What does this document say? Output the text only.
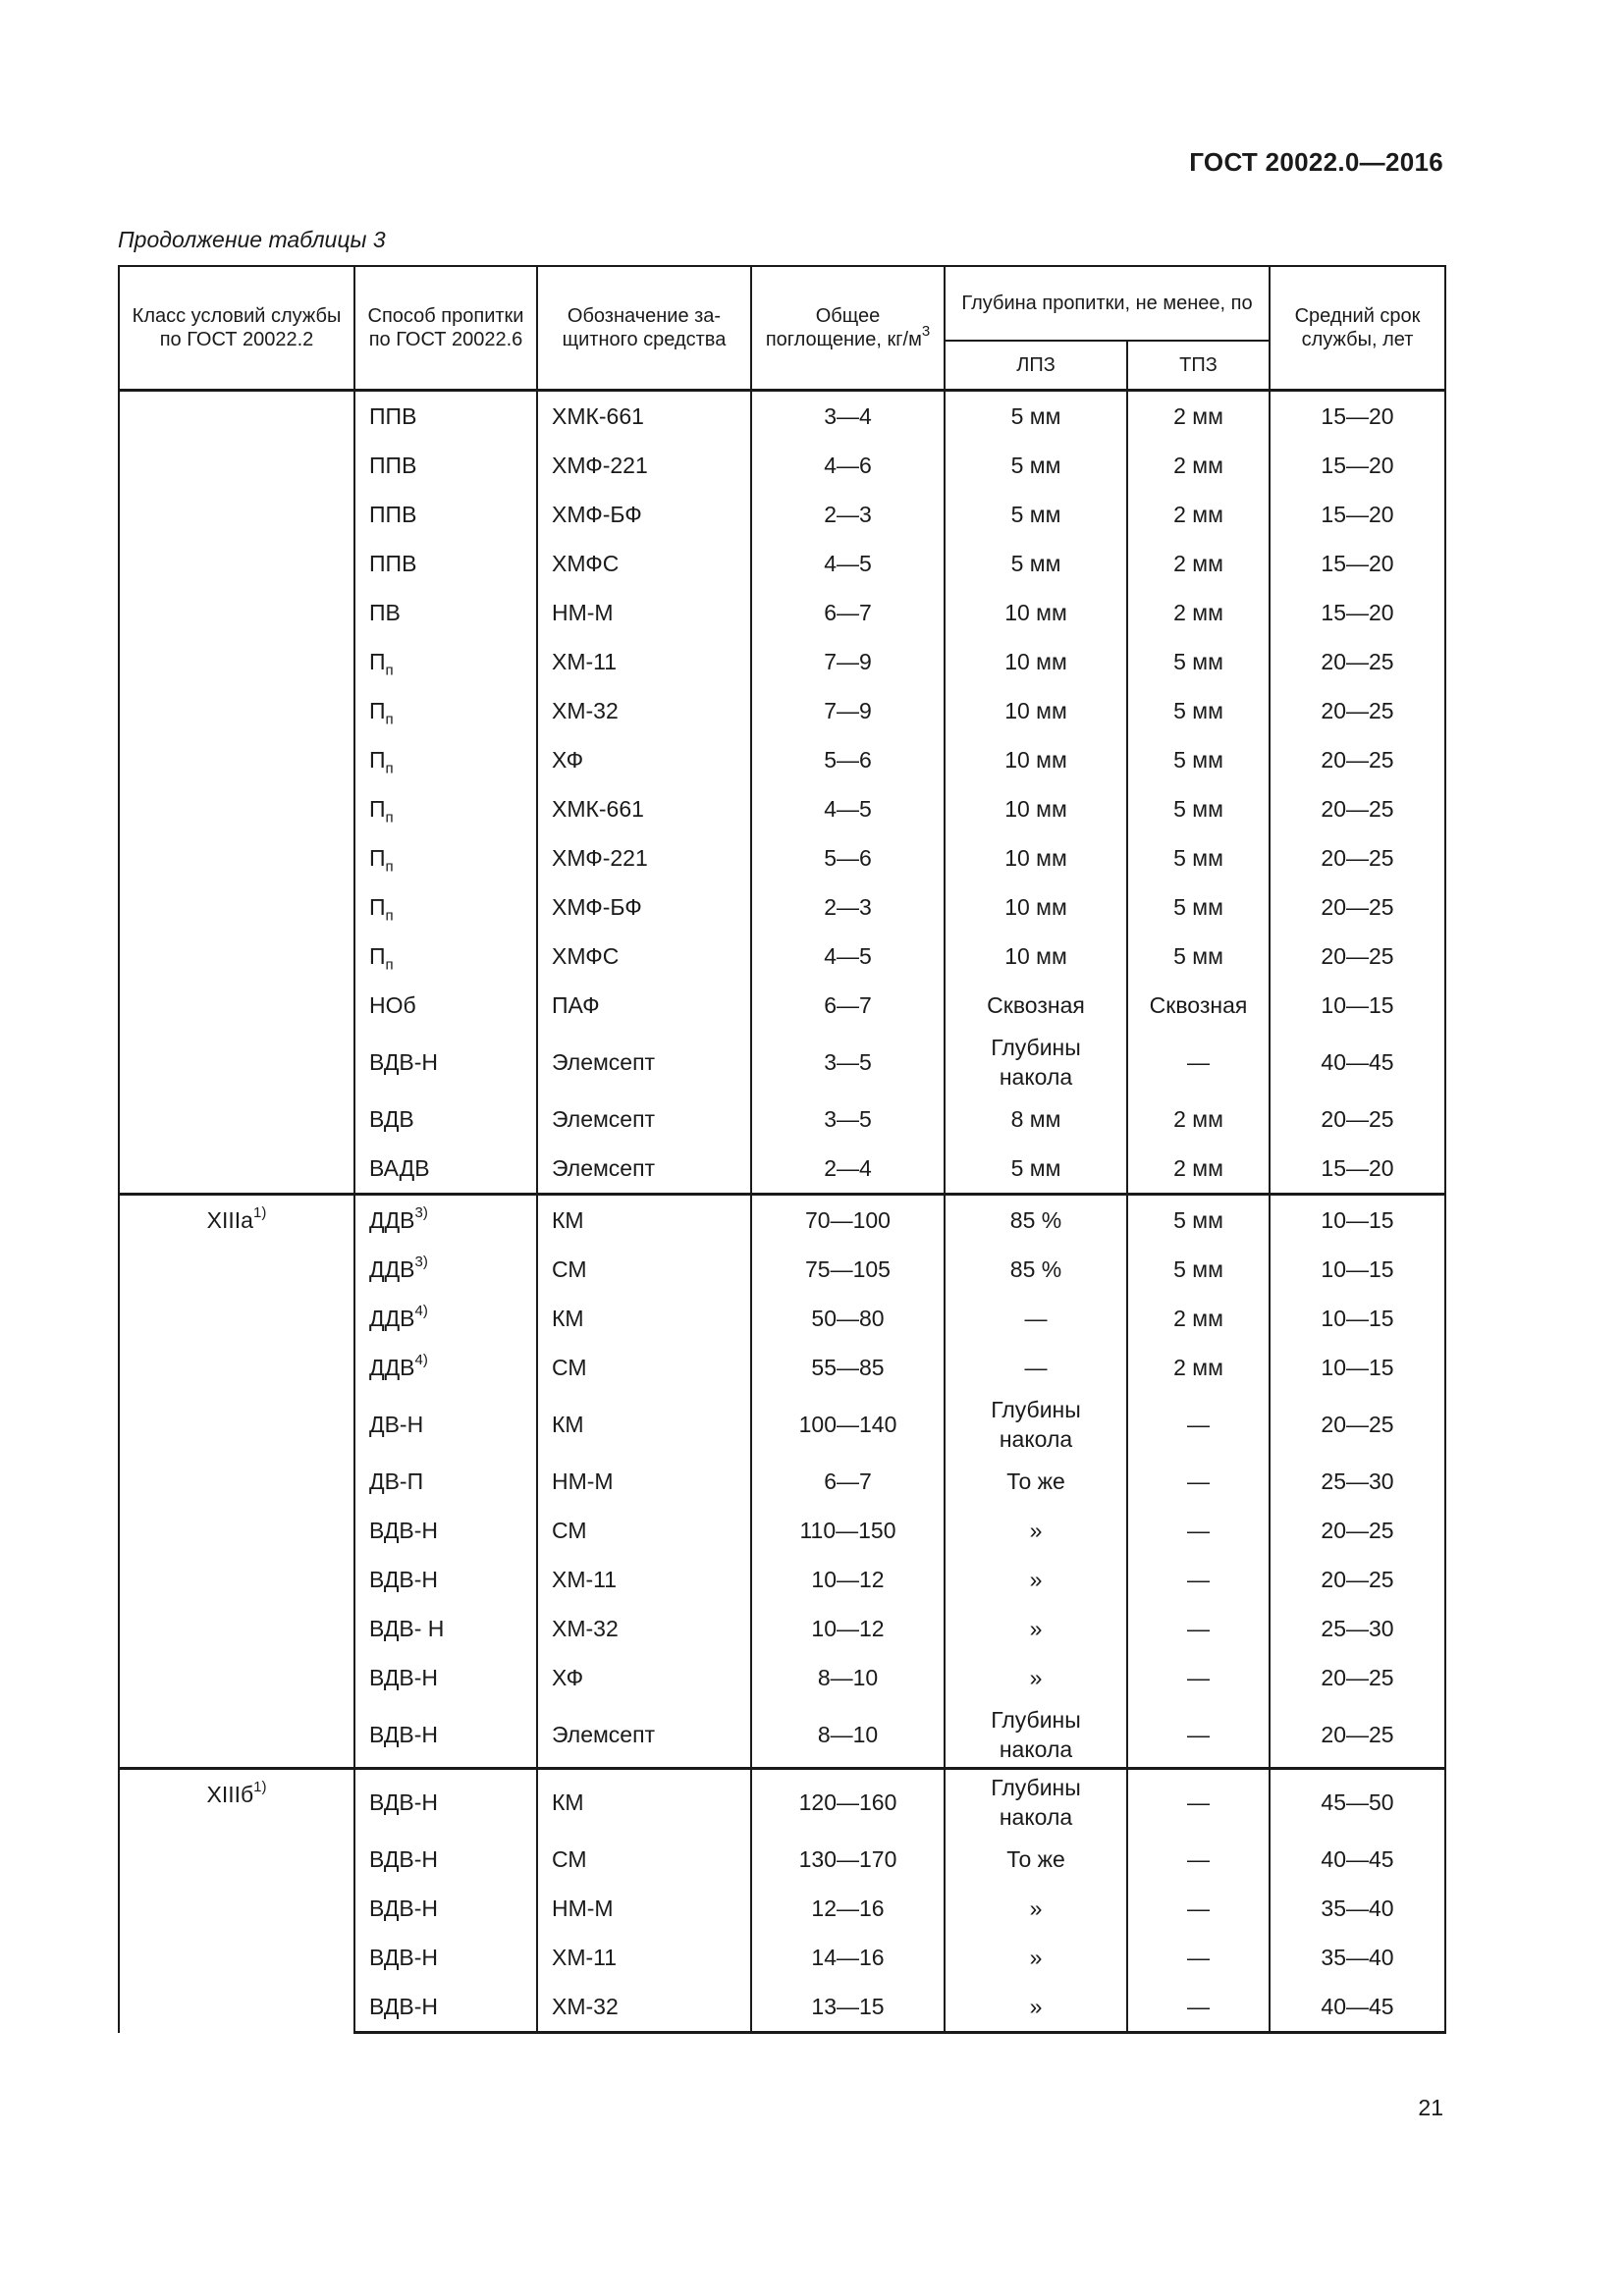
ГОСТ 20022.0—2016
Продолжение таблицы 3
Класс условий службы по ГОСТ 20022.2	Способ пропитки по ГОСТ 20022.6	Обозначение за-щитного средства	Общее поглощение, $кг/м^3$	Глубина пропитки, не менее, по		Средний срок службы, лет
				ЛПЗ	ТПЗ	
	ППВ	ХМК-661	3—4	5 мм	2 мм	15—20
	ППВ	ХМФ-221	4—6	5 мм	2 мм	15—20
	ППВ	ХМФ-БФ	2—3	5 мм	2 мм	15—20
	ППВ	ХМФС	4—5	5 мм	2 мм	15—20
	ПВ	НМ-М	6—7	10 мм	2 мм	15—20
	$П_п$	ХМ-11	7—9	10 мм	5 мм	20—25
	$П_п$	ХМ-32	7—9	10 мм	5 мм	20—25
	$П_п$	ХФ	5—6	10 мм	5 мм	20—25
	$П_п$	ХМК-661	4—5	10 мм	5 мм	20—25
	$П_п$	ХМФ-221	5—6	10 мм	5 мм	20—25
	$П_п$	ХМФ-БФ	2—3	10 мм	5 мм	20—25
	$П_п$	ХМФС	4—5	10 мм	5 мм	20—25
	НОб	ПАФ	6—7	Сквозная	Сквозная	10—15
	ВДВ-Н	Элемсепт	3—5	Глубины накола	—	40—45
	ВДВ	Элемсепт	3—5	8 мм	2 мм	20—25
	ВАДВ	Элемсепт	2—4	5 мм	2 мм	15—20
XIIIа$^{1)}$	ДДВ$^{3)}$	КМ	70—100	85 %	5 мм	10—15
	ДДВ$^{3)}$	СМ	75—105	85 %	5 мм	10—15
	ДДВ$^{4)}$	КМ	50—80	—	2 мм	10—15
	ДДВ$^{4)}$	СМ	55—85	—	2 мм	10—15
	ДВ-Н	КМ	100—140	Глубины накола	—	20—25
	ДВ-П	НМ-М	6—7	То же	—	25—30
	ВДВ-Н	СМ	110—150	»	—	20—25
	ВДВ-Н	ХМ-11	10—12	»	—	20—25
	ВДВ- Н	ХМ-32	10—12	»	—	25—30
	ВДВ-Н	ХФ	8—10	»	—	20—25
	ВДВ-Н	Элемсепт	8—10	Глубины накола	—	20—25
XIIIб$^{1)}$	ВДВ-Н	КМ	120—160	Глубины накола	—	45—50
	ВДВ-Н	СМ	130—170	То же	—	40—45
	ВДВ-Н	НМ-М	12—16	»	—	35—40
	ВДВ-Н	ХМ-11	14—16	»	—	35—40
	ВДВ-Н	ХМ-32	13—15	»	—	40—45
21
